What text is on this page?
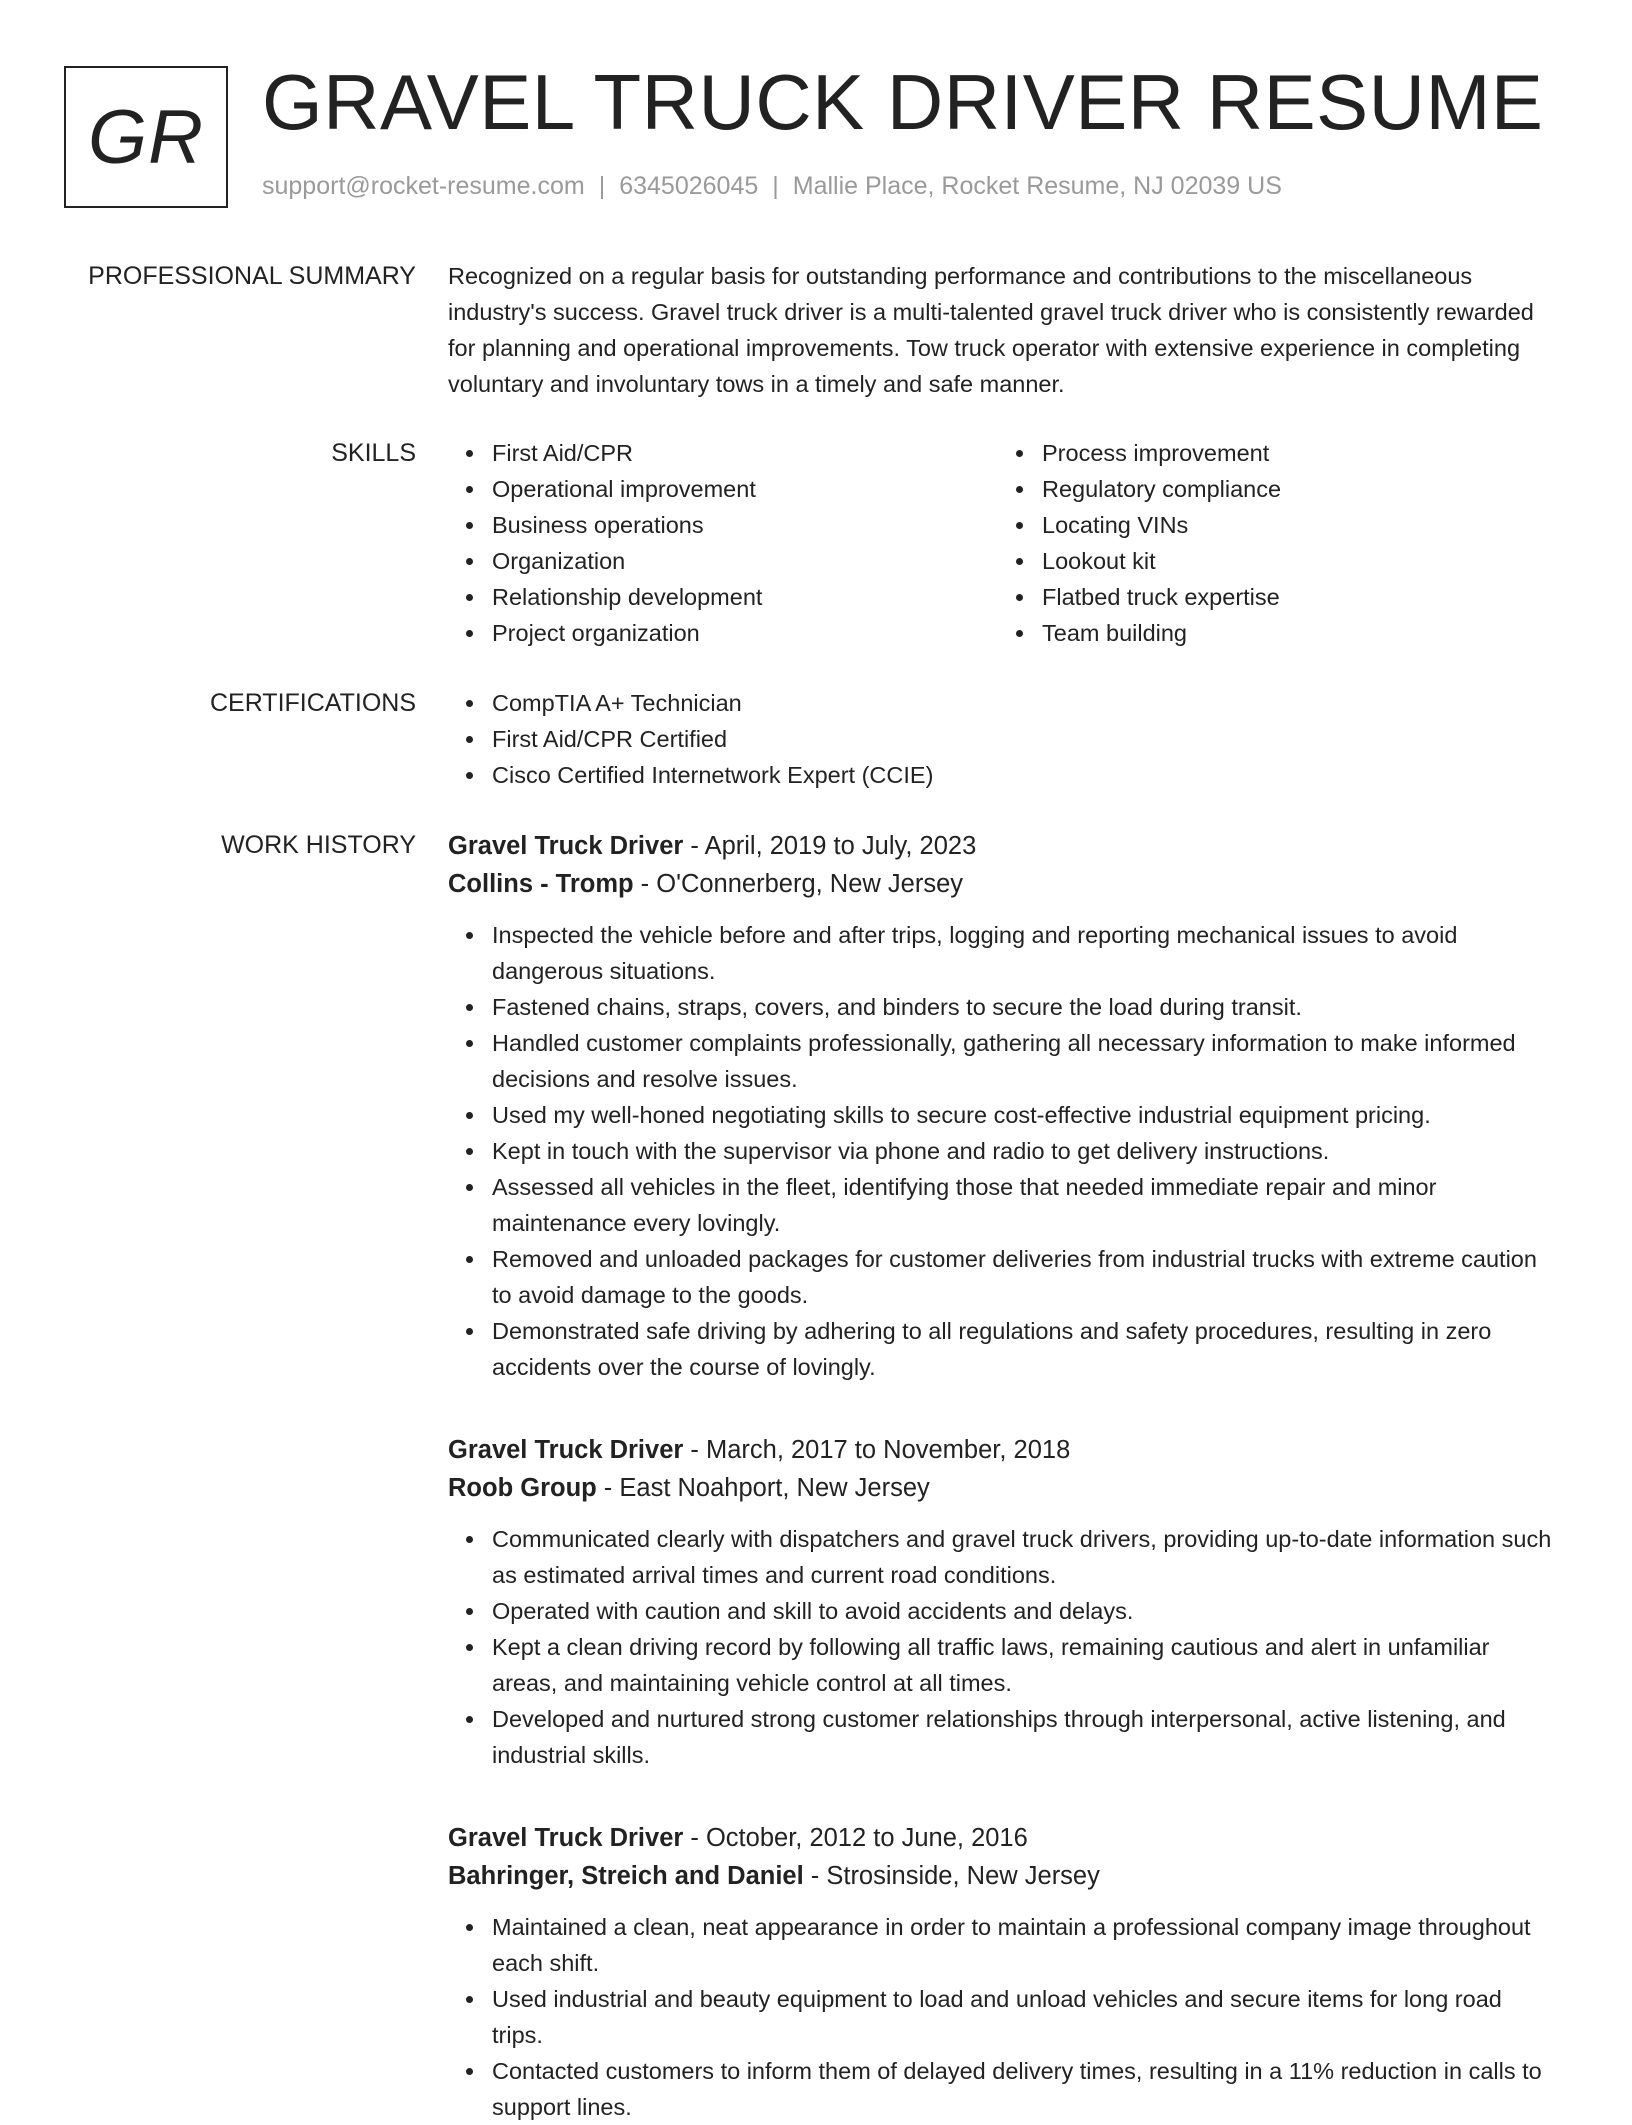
GR GRAVEL TRUCK DRIVER RESUME
support@rocket-resume.com | 6345026045 | Mallie Place, Rocket Resume, NJ 02039 US
PROFESSIONAL SUMMARY Recognized on a regular basis for outstanding performance and contributions to the miscellaneous industry's success. Gravel truck driver is a multi-talented gravel truck driver who is consistently rewarded for planning and operational improvements. Tow truck operator with extensive experience in completing voluntary and involuntary tows in a timely and safe manner.

SKILLS	First Aid/CPR
Operational improvement
Business operations
Organization
Relationship development
Project organization
Process improvement
Regulatory compliance
Locating VINs
Lookout kit
Flatbed truck expertise
Team building
CERTIFICATIONS	CompTIA A+ Technician
First Aid/CPR Certified
Cisco Certified Internetwork Expert (CCIE)
WORK HISTORY Gravel Truck Driver - April, 2019 to July, 2023
Collins - Tromp - O'Connerberg, New Jersey
Inspected the vehicle before and after trips, logging and reporting mechanical issues to avoid dangerous situations.
Fastened chains, straps, covers, and binders to secure the load during transit.
Handled customer complaints professionally, gathering all necessary information to make informed decisions and resolve issues.
Used my well-honed negotiating skills to secure cost-effective industrial equipment pricing.
Kept in touch with the supervisor via phone and radio to get delivery instructions.
Assessed all vehicles in the fleet, identifying those that needed immediate repair and minor maintenance every lovingly.
Removed and unloaded packages for customer deliveries from industrial trucks with extreme caution to avoid damage to the goods.
Demonstrated safe driving by adhering to all regulations and safety procedures, resulting in zero accidents over the course of lovingly.
Gravel Truck Driver - March, 2017 to November, 2018
Roob Group - East Noahport, New Jersey
Communicated clearly with dispatchers and gravel truck drivers, providing up-to-date information such as estimated arrival times and current road conditions.
Operated with caution and skill to avoid accidents and delays.
Kept a clean driving record by following all traffic laws, remaining cautious and alert in unfamiliar areas, and maintaining vehicle control at all times.
Developed and nurtured strong customer relationships through interpersonal, active listening, and industrial skills.
Gravel Truck Driver - October, 2012 to June, 2016
Bahringer, Streich and Daniel - Strosinside, New Jersey
Maintained a clean, neat appearance in order to maintain a professional company image throughout each shift.
Used industrial and beauty equipment to load and unload vehicles and secure items for long road trips.
Contacted customers to inform them of delayed delivery times, resulting in a 11% reduction in calls to support lines.
